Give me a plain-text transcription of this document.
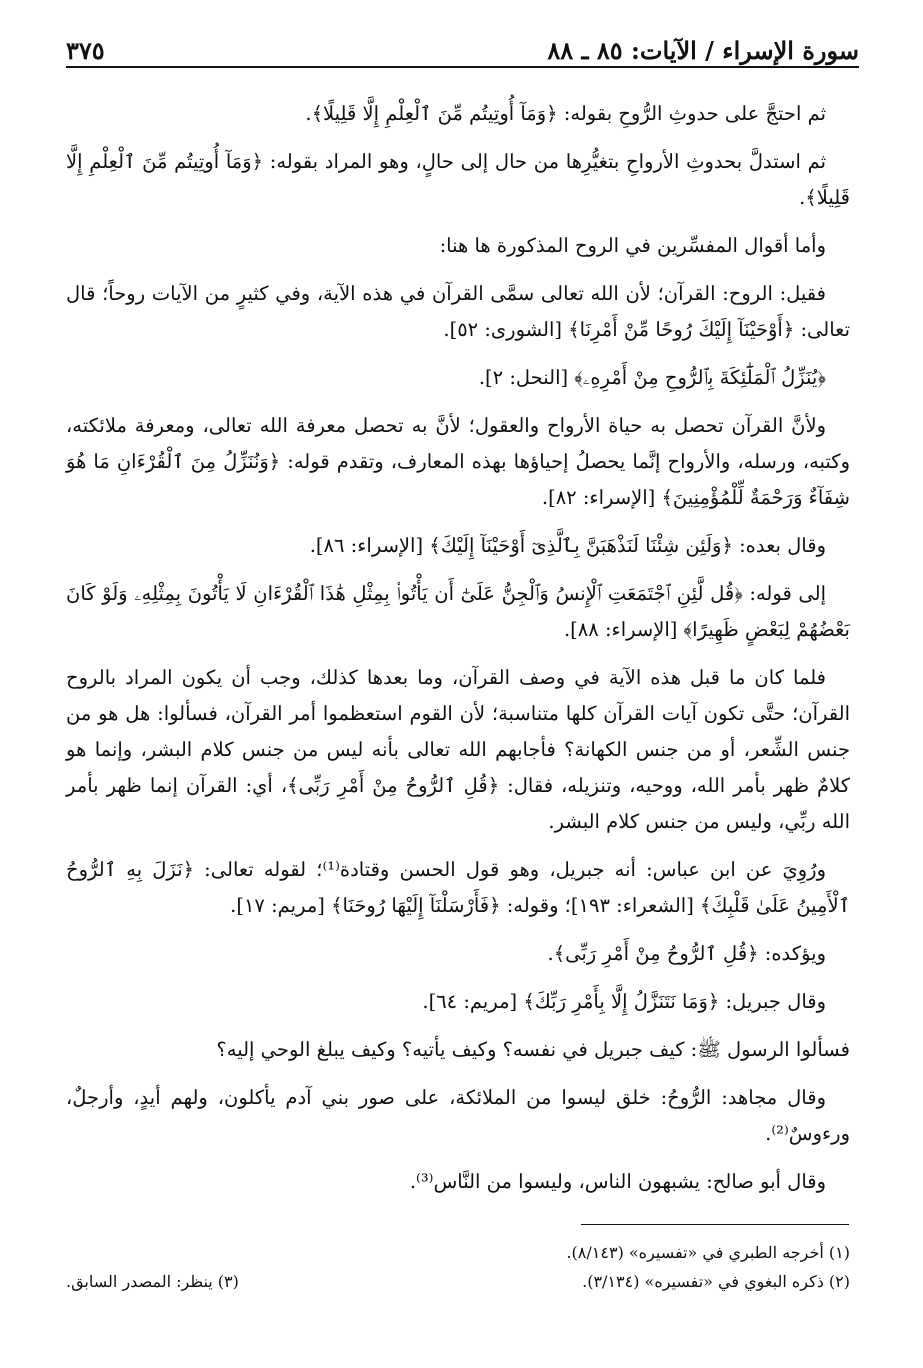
سورة الإسراء / الآيات: ٨٥ ـ ٨٨
٣٧٥

ثم احتجَّ على حدوثِ الرُّوحِ بقوله: ﴿وَمَآ أُوتِيتُم مِّنَ ٱلْعِلْمِ إِلَّا قَلِيلًا﴾.

ثم استدلَّ بحدوثِ الأرواحِ بتغيُّرِها من حال إلى حالٍ، وهو المراد بقوله: ﴿وَمَآ أُوتِيتُم مِّنَ ٱلْعِلْمِ إِلَّا قَلِيلًا﴾.

وأما أقوال المفسِّرين في الروح المذكورة ها هنا:

فقيل: الروح: القرآن؛ لأن الله تعالى سمَّى القرآن في هذه الآية، وفي كثيرٍ من الآيات روحاً؛ قال تعالى: ﴿أَوْحَيْنَآ إِلَيْكَ رُوحًا مِّنْ أَمْرِنَا﴾ [الشورى: ٥٢].

﴿يُنَزِّلُ ٱلْمَلَٰٓئِكَةَ بِٱلرُّوحِ مِنْ أَمْرِهِۦ﴾ [النحل: ٢].

ولأنَّ القرآن تحصل به حياة الأرواح والعقول؛ لأنَّ به تحصل معرفة الله تعالى، ومعرفة ملائكته، وكتبه، ورسله، والأرواح إنَّما يحصلُ إحياؤها بهذه المعارف، وتقدم قوله: ﴿وَنُنَزِّلُ مِنَ ٱلْقُرْءَانِ مَا هُوَ شِفَآءٌ وَرَحْمَةٌ لِّلْمُؤْمِنِينَ﴾ [الإسراء: ٨٢].

وقال بعده: ﴿وَلَئِن شِئْنَا لَنَذْهَبَنَّ بِٱلَّذِىٓ أَوْحَيْنَآ إِلَيْكَ﴾ [الإسراء: ٨٦].

إلى قوله: ﴿قُل لَّئِنِ ٱجْتَمَعَتِ ٱلْإِنسُ وَٱلْجِنُّ عَلَىٰٓ أَن يَأْتُوا۟ بِمِثْلِ هَٰذَا ٱلْقُرْءَانِ لَا يَأْتُونَ بِمِثْلِهِۦ وَلَوْ كَانَ بَعْضُهُمْ لِبَعْضٍ ظَهِيرًا﴾ [الإسراء: ٨٨].

فلما كان ما قبل هذه الآية في وصف القرآن، وما بعدها كذلك، وجب أن يكون المراد بالروح القرآن؛ حتَّى تكون آيات القرآن كلها متناسبة؛ لأن القوم استعظموا أمر القرآن، فسألوا: هل هو من جنس الشِّعر، أو من جنس الكهانة؟ فأجابهم الله تعالى بأنه ليس من جنس كلام البشر، وإنما هو كلامٌ ظهر بأمر الله، ووحيه، وتنزيله، فقال: ﴿قُلِ ٱلرُّوحُ مِنْ أَمْرِ رَبِّى﴾، أي: القرآن إنما ظهر بأمر الله ربِّي، وليس من جنس كلام البشر.

ورُوِيَ عن ابن عباس: أنه جبريل، وهو قول الحسن وقتادة⁽¹⁾؛ لقوله تعالى: ﴿نَزَلَ بِهِ ٱلرُّوحُ ٱلْأَمِينُ عَلَىٰ قَلْبِكَ﴾ [الشعراء: ١٩٣]؛ وقوله: ﴿فَأَرْسَلْنَآ إِلَيْهَا رُوحَنَا﴾ [مريم: ١٧].

ويؤكده: ﴿قُلِ ٱلرُّوحُ مِنْ أَمْرِ رَبِّى﴾.

وقال جبريل: ﴿وَمَا نَتَنَزَّلُ إِلَّا بِأَمْرِ رَبِّكَ﴾ [مريم: ٦٤].

فسألوا الرسول ﷺ: كيف جبريل في نفسه؟ وكيف يأتيه؟ وكيف يبلغ الوحي إليه؟

وقال مجاهد: الرُّوحُ: خلق ليسوا من الملائكة، على صور بني آدم يأكلون، ولهم أيدٍ، وأرجلٌ، ورءوسٌ⁽²⁾.

وقال أبو صالح: يشبهون الناس، وليسوا من النَّاس⁽³⁾.

(١) أخرجه الطبري في «تفسيره» (٨/١٤٣).
(٢) ذكره البغوي في «تفسيره» (٣/١٣٤).
(٣) ينظر: المصدر السابق.
